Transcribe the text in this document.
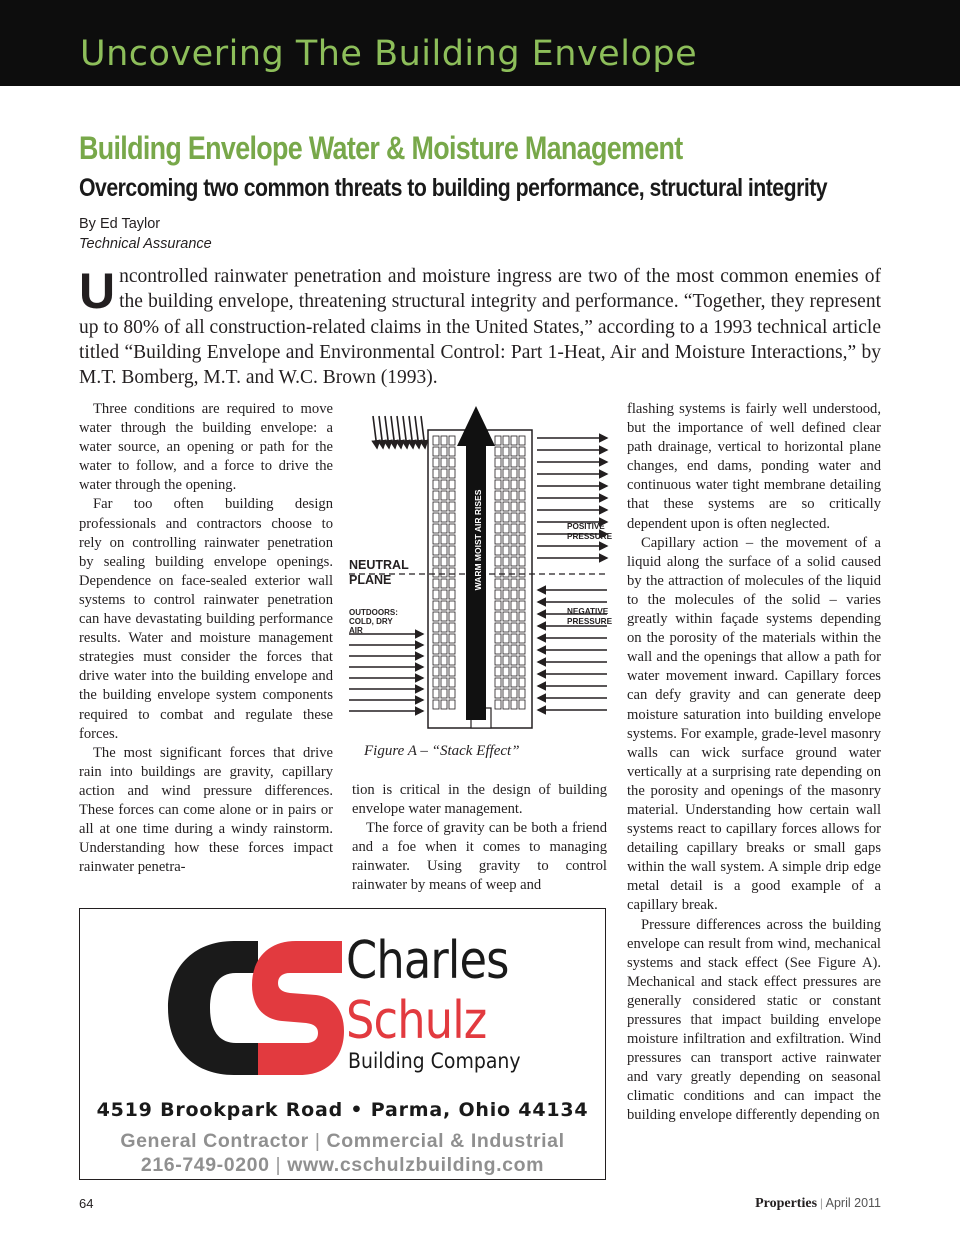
Uncovering The Building Envelope
Building Envelope Water & Moisture Management
Overcoming two common threats to building performance, structural integrity
By Ed Taylor
Technical Assurance

Uncontrolled rainwater penetration and moisture ingress are two of the most common enemies of the building envelope, threatening structural integrity and performance. “Together, they represent up to 80% of all construction-related claims in the United States,” according to a 1993 technical article titled “Building Envelope and Environmental Control: Part 1-Heat, Air and Moisture Interactions,” by M.T. Bomberg, M.T. and W.C. Brown (1993).

Three conditions are required to move water through the building envelope: a water source, an opening or path for the water to follow, and a force to drive the water through the opening.

Far too often building design professionals and contractors choose to rely on controlling rainwater penetration by sealing building envelope openings. Dependence on face-sealed exterior wall systems to control rainwater penetration can have devastating building performance results. Water and moisture management strategies must consider the forces that drive water into the building envelope and the building envelope system components required to combat and regulate these forces.

The most significant forces that drive rain into buildings are gravity, capillary action and wind pressure differences. These forces can come alone or in pairs or all at one time during a windy rainstorm. Understanding how these forces impact rainwater penetra-

WARM MOIST AIR RISES
NEUTRAL
PLANE
POSITIVE
PRESSURE
NEGATIVE
PRESSURE
OUTDOORS:
COLD, DRY
AIR
Figure A – “Stack Effect”

tion is critical in the design of building envelope water management.

The force of gravity can be both a friend and a foe when it comes to managing rainwater. Using gravity to control rainwater by means of weep and

flashing systems is fairly well understood, but the importance of well defined clear path drainage, vertical to horizontal plane changes, end dams, ponding water and continuous water tight membrane detailing that these systems are so critically dependent upon is often neglected.

Capillary action – the movement of a liquid along the surface of a solid caused by the attraction of molecules of the liquid to the molecules of the solid – varies greatly within façade systems depending on the porosity of the materials within the wall and the openings that allow a path for water movement inward. Capillary forces can defy gravity and can generate deep moisture saturation into building envelope systems. For example, grade-level masonry walls can wick surface ground water vertically at a surprising rate depending on the porosity and openings of the masonry material. Understanding how certain wall systems react to capillary forces allows for detailing capillary breaks or small gaps within the wall system. A simple drip edge metal detail is a good example of a capillary break.

Pressure differences across the building envelope can result from wind, mechanical systems and stack effect (See Figure A). Mechanical and stack effect pressures are generally considered static or constant pressures that impact building envelope moisture infiltration and exfiltration. Wind pressures can transport active rainwater and vary greatly depending on seasonal climatic conditions and can impact the building envelope differently depending on

Charles
Schulz
Building Company
4519 Brookpark Road • Parma, Ohio 44134
General Contractor | Commercial & Industrial
216-749-0200 | www.cschulzbuilding.com
64	Properties | April 2011
